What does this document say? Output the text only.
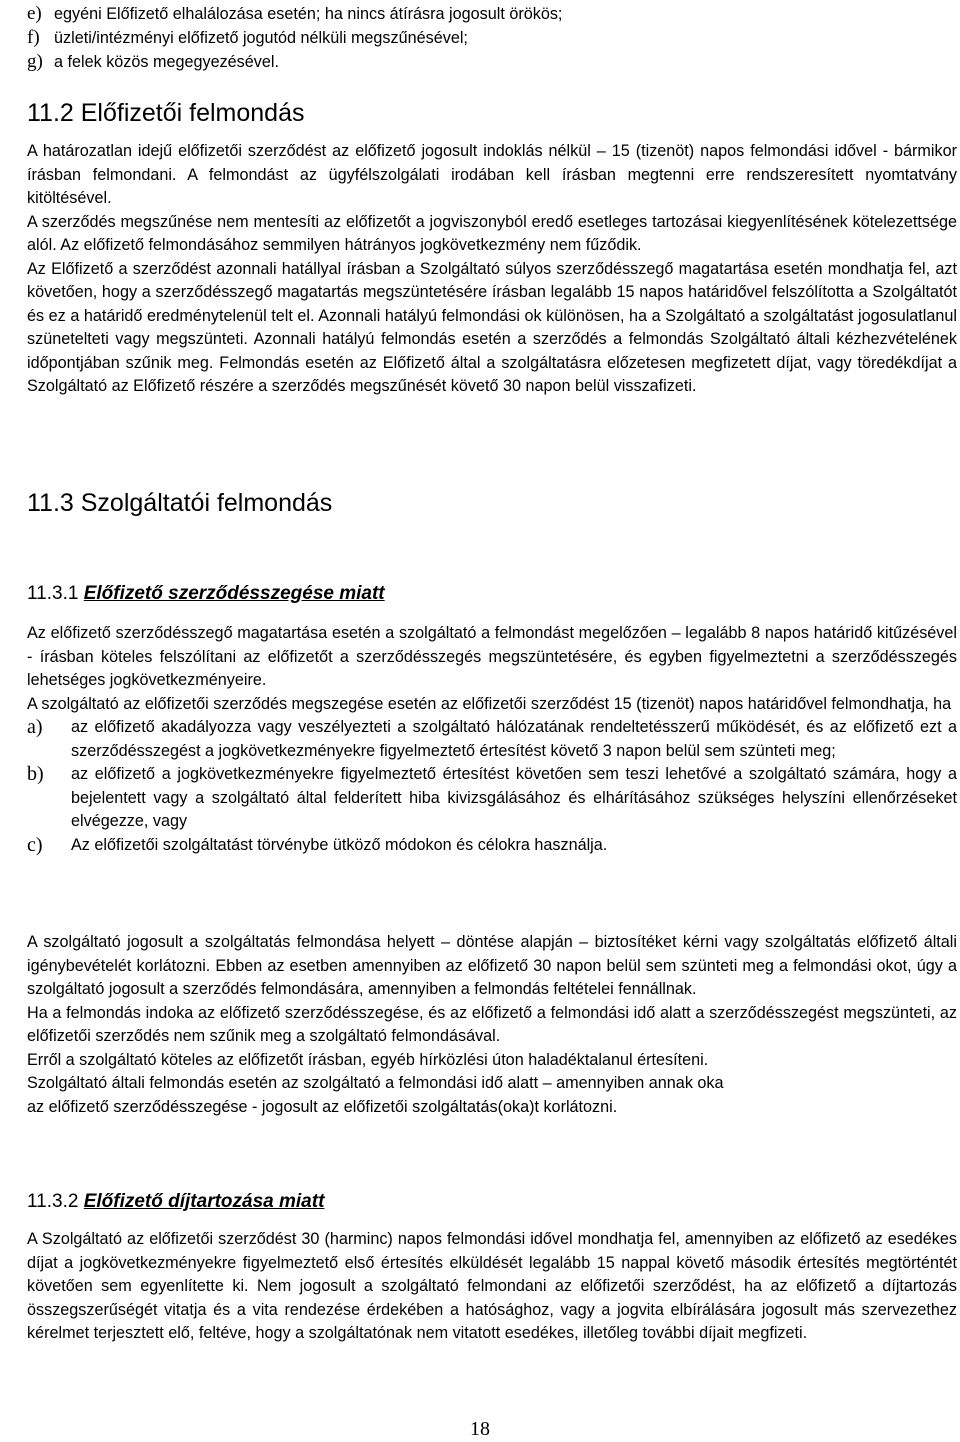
e) egyéni Előfizető elhalálozása esetén; ha nincs átírásra jogosult örökös;
f) üzleti/intézményi előfizető jogutód nélküli megszűnésével;
g) a felek közös megegyezésével.
11.2 Előfizetői felmondás

A határozatlan idejű előfizetői szerződést az előfizető jogosult indoklás nélkül – 15 (tizenöt) napos felmondási idővel - bármikor írásban felmondani. A felmondást az ügyfélszolgálati irodában kell írásban megtenni erre rendszeresített nyomtatvány kitöltésével.

A szerződés megszűnése nem mentesíti az előfizetőt a jogviszonyból eredő esetleges tartozásai kiegyenlítésének kötelezettsége alól. Az előfizető felmondásához semmilyen hátrányos jogkövetkezmény nem fűződik.

Az Előfizető a szerződést azonnali hatállyal írásban a Szolgáltató súlyos szerződésszegő magatartása esetén mondhatja fel, azt követően, hogy a szerződésszegő magatartás megszüntetésére írásban legalább 15 napos határidővel felszólította a Szolgáltatót és ez a határidő eredménytelenül telt el. Azonnali hatályú felmondási ok különösen, ha a Szolgáltató a szolgáltatást jogosulatlanul szünetelteti vagy megszünteti. Azonnali hatályú felmondás esetén a szerződés a felmondás Szolgáltató általi kézhezvételének időpontjában szűnik meg. Felmondás esetén az Előfizető által a szolgáltatásra előzetesen megfizetett díjat, vagy töredékdíjat a Szolgáltató az Előfizető részére a szerződés megszűnését követő 30 napon belül visszafizeti.

11.3 Szolgáltatói felmondás
11.3.1 Előfizető szerződésszegése miatt

Az előfizető szerződésszegő magatartása esetén a szolgáltató a felmondást megelőzően – legalább 8 napos határidő kitűzésével - írásban köteles felszólítani az előfizetőt a szerződésszegés megszüntetésére, és egyben figyelmeztetni a szerződésszegés lehetséges jogkövetkezményeire.

A szolgáltató az előfizetői szerződés megszegése esetén az előfizetői szerződést 15 (tizenöt) napos határidővel felmondhatja, ha

a) az előfizető akadályozza vagy veszélyezteti a szolgáltató hálózatának rendeltetésszerű működését, és az előfizető ezt a szerződésszegést a jogkövetkezményekre figyelmeztető értesítést követő 3 napon belül sem szünteti meg;
b) az előfizető a jogkövetkezményekre figyelmeztető értesítést követően sem teszi lehetővé a szolgáltató számára, hogy a bejelentett vagy a szolgáltató által felderített hiba kivizsgálásához és elhárításához szükséges helyszíni ellenőrzéseket elvégezze, vagy
c) Az előfizetői szolgáltatást törvénybe ütköző módokon és célokra használja.

A szolgáltató jogosult a szolgáltatás felmondása helyett – döntése alapján – biztosítéket kérni vagy szolgáltatás előfizető általi igénybevételét korlátozni. Ebben az esetben amennyiben az előfizető 30 napon belül sem szünteti meg a felmondási okot, úgy a szolgáltató jogosult a szerződés felmondására, amennyiben a felmondás feltételei fennállnak.

Ha a felmondás indoka az előfizető szerződésszegése, és az előfizető a felmondási idő alatt a szerződésszegést megszünteti, az előfizetői szerződés nem szűnik meg a szolgáltató felmondásával.

Erről a szolgáltató köteles az előfizetőt írásban, egyéb hírközlési úton haladéktalanul értesíteni.

Szolgáltató általi felmondás esetén az szolgáltató a felmondási idő alatt – amennyiben annak oka

az előfizető szerződésszegése - jogosult az előfizetői szolgáltatás(oka)t korlátozni.

11.3.2 Előfizető díjtartozása miatt

A Szolgáltató az előfizetői szerződést 30 (harminc) napos felmondási idővel mondhatja fel, amennyiben az előfizető az esedékes díjat a jogkövetkezményekre figyelmeztető első értesítés elküldését legalább 15 nappal követő második értesítés megtörténtét követően sem egyenlítette ki. Nem jogosult a szolgáltató felmondani az előfizetői szerződést, ha az előfizető a díjtartozás összegszerűségét vitatja és a vita rendezése érdekében a hatósághoz, vagy a jogvita elbírálására jogosult más szervezethez kérelmet terjesztett elő, feltéve, hogy a szolgáltatónak nem vitatott esedékes, illetőleg további díjait megfizeti.

18
